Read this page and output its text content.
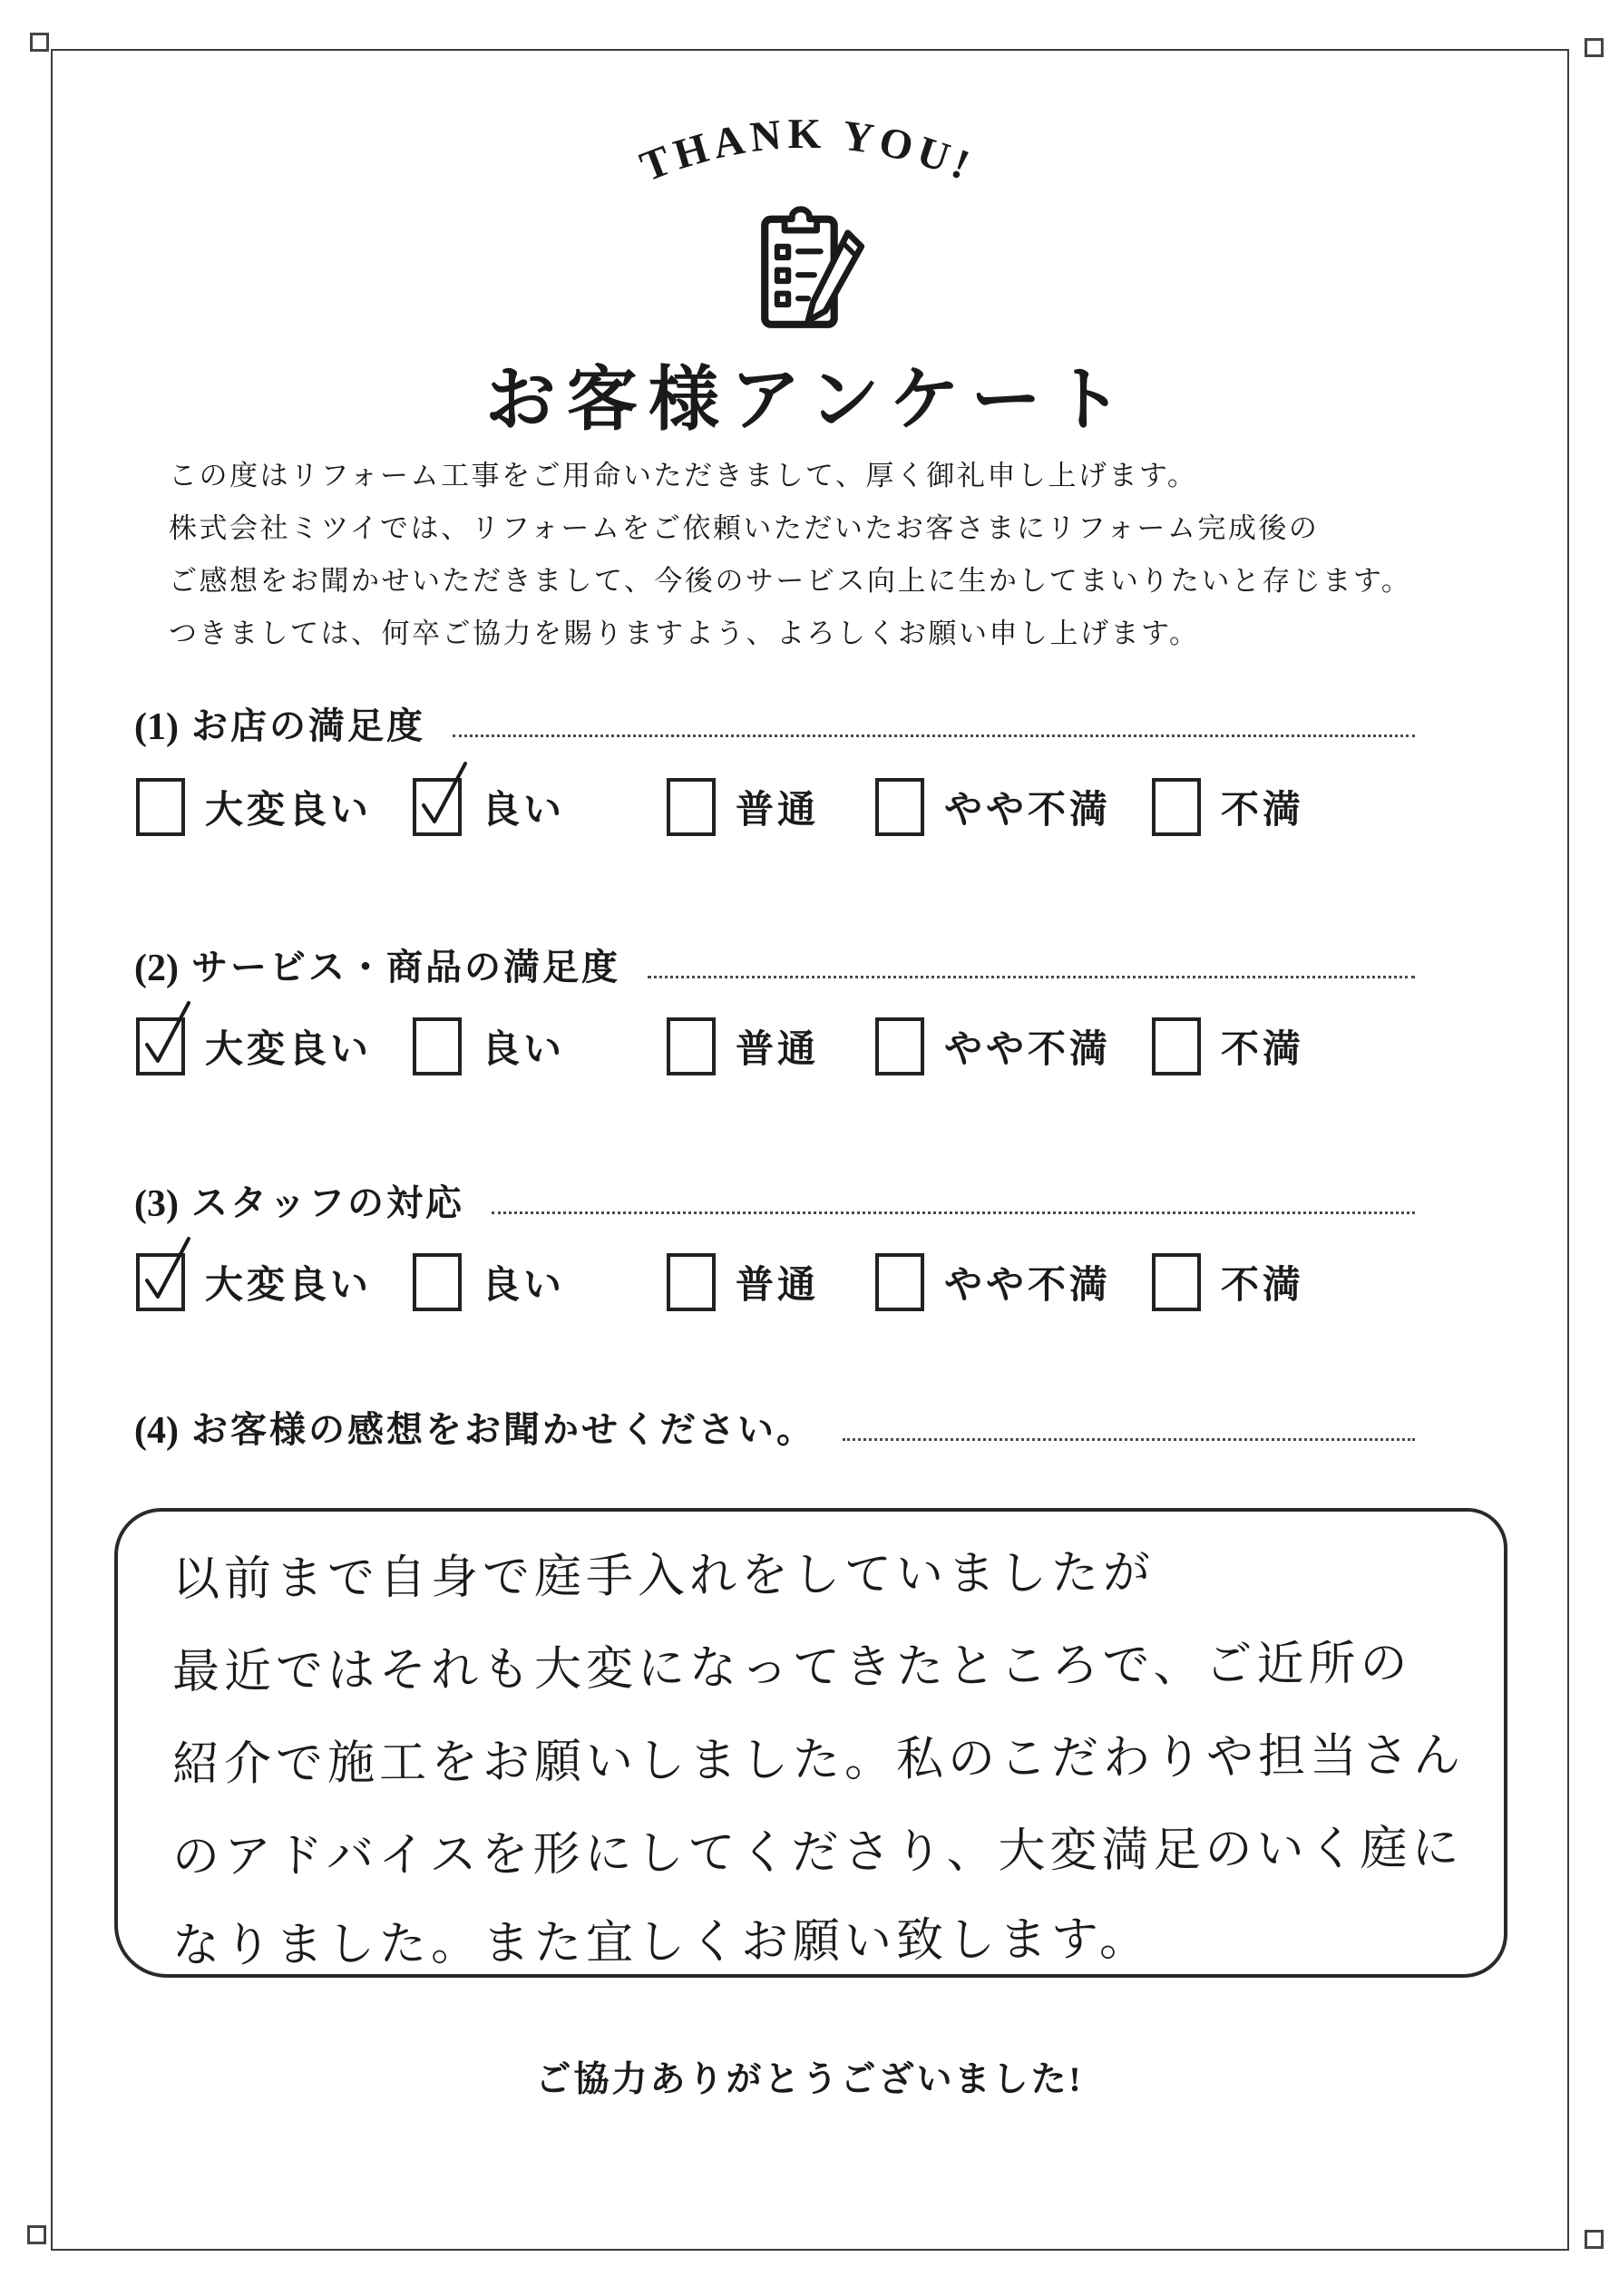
THANK YOU!
お客様アンケート
この度はリフォーム工事をご用命いただきまして、厚く御礼申し上げます。
株式会社ミツイでは、リフォームをご依頼いただいたお客さまにリフォーム完成後の
ご感想をお聞かせいただきまして、今後のサービス向上に生かしてまいりたいと存じます。
つきましては、何卒ご協力を賜りますよう、よろしくお願い申し上げます。
(1) お店の満足度
大変良い	良い	普通	やや不満	不満
(2) サービス・商品の満足度
大変良い	良い	普通	やや不満	不満
(3) スタッフの対応
大変良い	良い	普通	やや不満	不満
(4) お客様の感想をお聞かせください。
以前まで自身で庭手入れをしていましたが
最近ではそれも大変になってきたところで、ご近所の
紹介で施工をお願いしました。私のこだわりや担当さん
のアドバイスを形にしてくださり、大変満足のいく庭に
なりました。また宜しくお願い致します。
ご協力ありがとうございました!
